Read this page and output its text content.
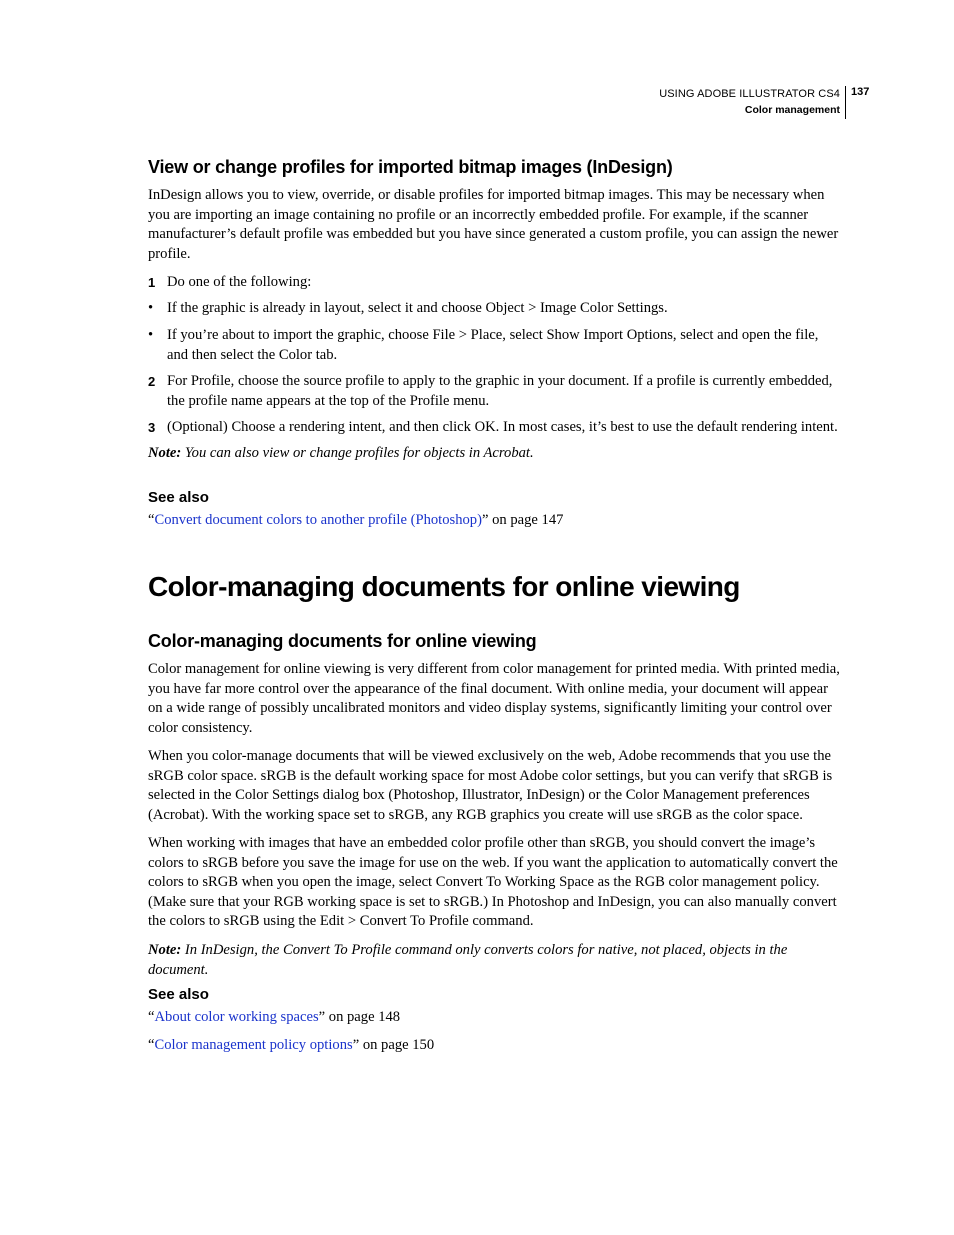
USING ADOBE ILLUSTRATOR CS4
Color management
137
View or change profiles for imported bitmap images (InDesign)
InDesign allows you to view, override, or disable profiles for imported bitmap images. This may be necessary when you are importing an image containing no profile or an incorrectly embedded profile. For example, if the scanner manufacturer’s default profile was embedded but you have since generated a custom profile, you can assign the newer profile.
1 Do one of the following:
• If the graphic is already in layout, select it and choose Object > Image Color Settings.
• If you’re about to import the graphic, choose File > Place, select Show Import Options, select and open the file, and then select the Color tab.
2 For Profile, choose the source profile to apply to the graphic in your document. If a profile is currently embedded, the profile name appears at the top of the Profile menu.
3 (Optional) Choose a rendering intent, and then click OK. In most cases, it’s best to use the default rendering intent.
Note: You can also view or change profiles for objects in Acrobat.
See also
“Convert document colors to another profile (Photoshop)” on page 147
Color-managing documents for online viewing
Color-managing documents for online viewing
Color management for online viewing is very different from color management for printed media. With printed media, you have far more control over the appearance of the final document. With online media, your document will appear on a wide range of possibly uncalibrated monitors and video display systems, significantly limiting your control over color consistency.
When you color-manage documents that will be viewed exclusively on the web, Adobe recommends that you use the sRGB color space. sRGB is the default working space for most Adobe color settings, but you can verify that sRGB is selected in the Color Settings dialog box (Photoshop, Illustrator, InDesign) or the Color Management preferences (Acrobat). With the working space set to sRGB, any RGB graphics you create will use sRGB as the color space.
When working with images that have an embedded color profile other than sRGB, you should convert the image’s colors to sRGB before you save the image for use on the web. If you want the application to automatically convert the colors to sRGB when you open the image, select Convert To Working Space as the RGB color management policy. (Make sure that your RGB working space is set to sRGB.) In Photoshop and InDesign, you can also manually convert the colors to sRGB using the Edit > Convert To Profile command.
Note: In InDesign, the Convert To Profile command only converts colors for native, not placed, objects in the document.
See also
“About color working spaces” on page 148
“Color management policy options” on page 150
